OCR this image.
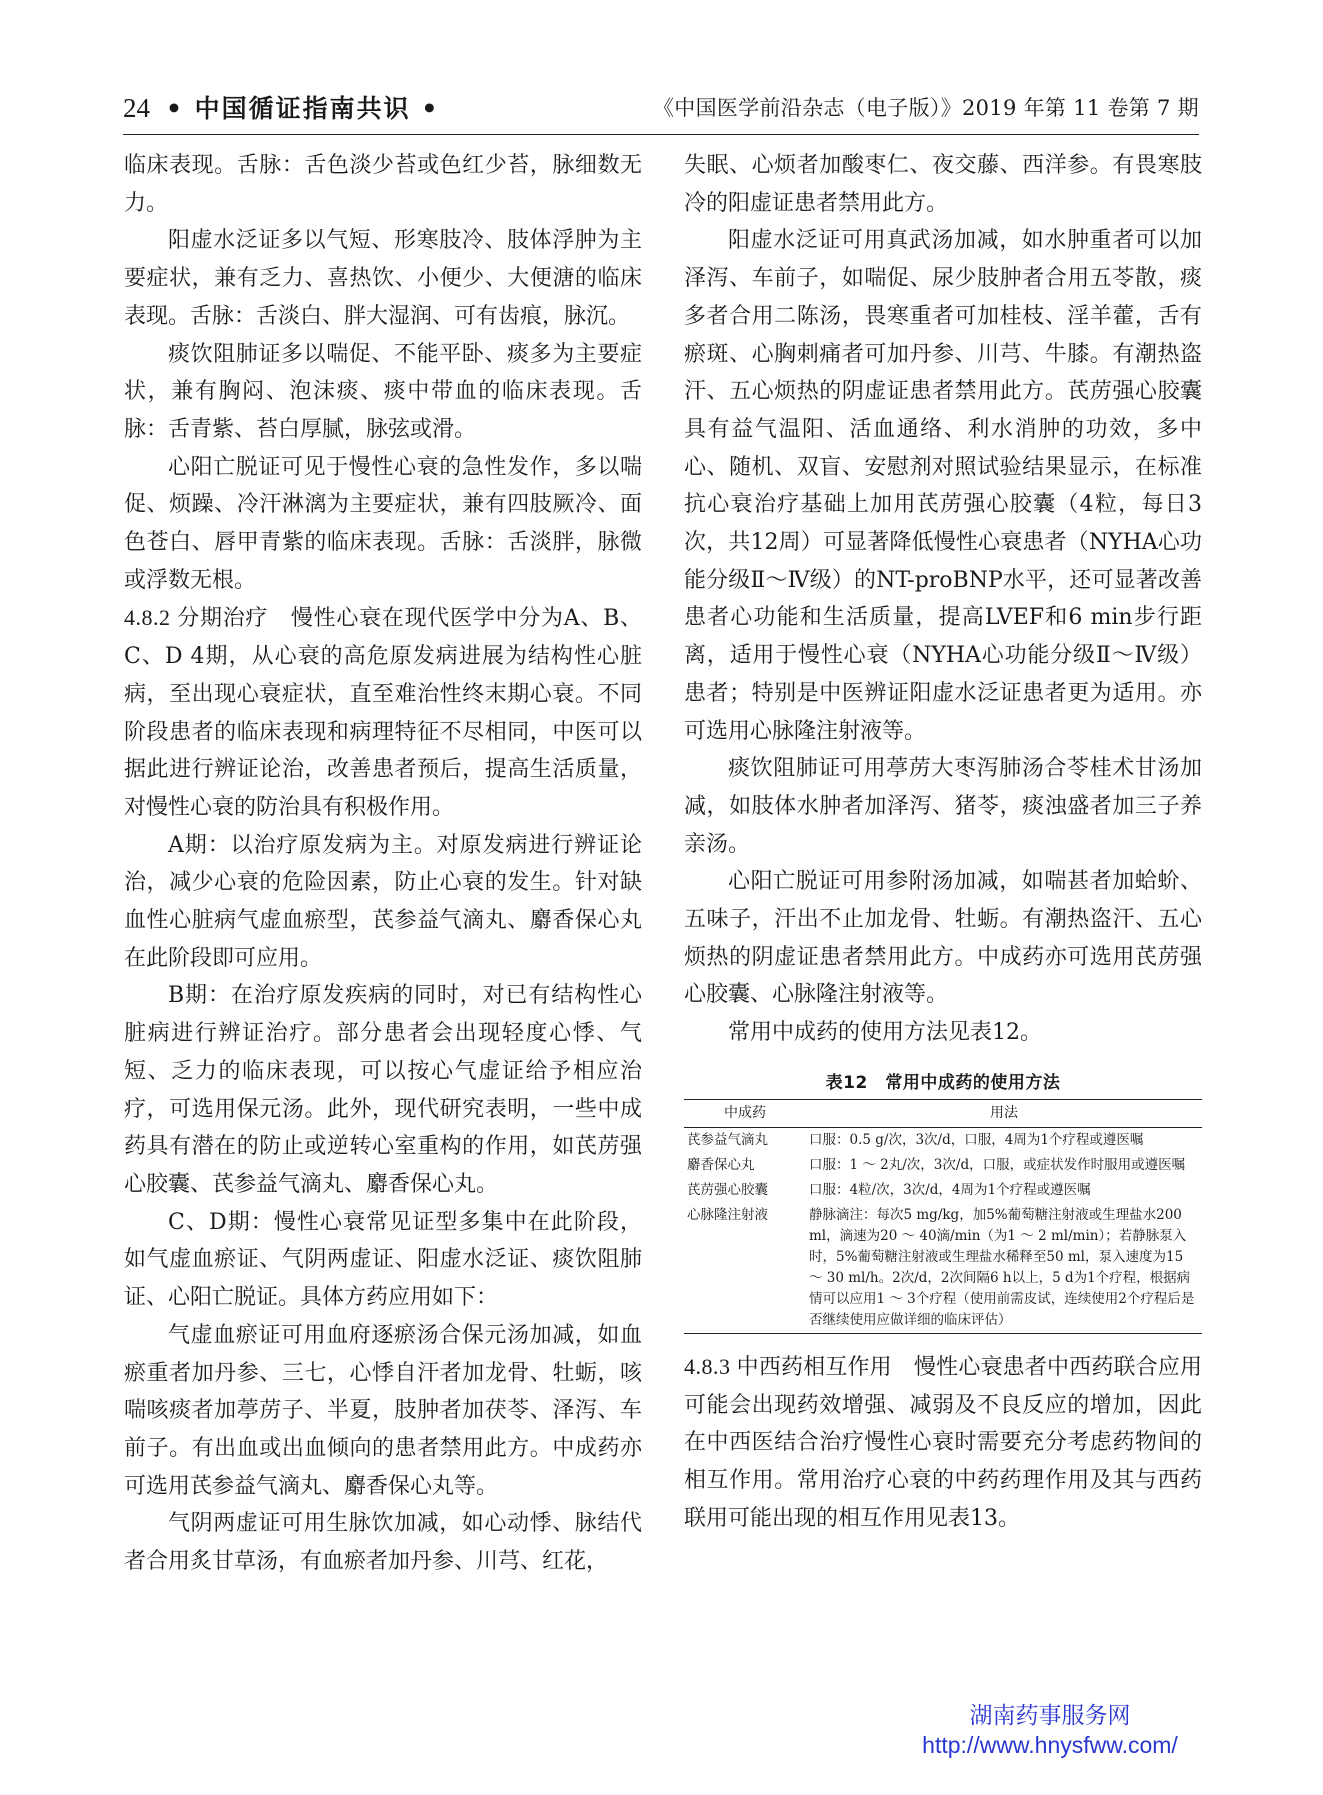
24 • 中国循证指南共识 •	《中国医学前沿杂志（电子版）》2019 年第 11 卷第 7 期

临床表现。舌脉：舌色淡少苔或色红少苔，脉细数无力。

阳虚水泛证多以气短、形寒肢冷、肢体浮肿为主要症状，兼有乏力、喜热饮、小便少、大便溏的临床表现。舌脉：舌淡白、胖大湿润、可有齿痕，脉沉。

痰饮阻肺证多以喘促、不能平卧、痰多为主要症状，兼有胸闷、泡沫痰、痰中带血的临床表现。舌脉：舌青紫、苔白厚腻，脉弦或滑。

心阳亡脱证可见于慢性心衰的急性发作，多以喘促、烦躁、冷汗淋漓为主要症状，兼有四肢厥冷、面色苍白、唇甲青紫的临床表现。舌脉：舌淡胖，脉微或浮数无根。

4.8.2 分期治疗　 慢性心衰在现代医学中分为A、B、C、D 4期，从心衰的高危原发病进展为结构性心脏病，至出现心衰症状，直至难治性终末期心衰。不同阶段患者的临床表现和病理特征不尽相同，中医可以据此进行辨证论治，改善患者预后，提高生活质量，对慢性心衰的防治具有积极作用。

A期：以治疗原发病为主。对原发病进行辨证论治，减少心衰的危险因素，防止心衰的发生。针对缺血性心脏病气虚血瘀型，芪参益气滴丸、麝香保心丸在此阶段即可应用。

B期：在治疗原发疾病的同时，对已有结构性心脏病进行辨证治疗。部分患者会出现轻度心悸、气短、乏力的临床表现，可以按心气虚证给予相应治疗，可选用保元汤。此外，现代研究表明，一些中成药具有潜在的防止或逆转心室重构的作用，如芪苈强心胶囊、芪参益气滴丸、麝香保心丸。

C、D期：慢性心衰常见证型多集中在此阶段，如气虚血瘀证、气阴两虚证、阳虚水泛证、痰饮阻肺证、心阳亡脱证。具体方药应用如下：

气虚血瘀证可用血府逐瘀汤合保元汤加减，如血瘀重者加丹参、三七，心悸自汗者加龙骨、牡蛎，咳喘咳痰者加葶苈子、半夏，肢肿者加茯苓、泽泻、车前子。有出血或出血倾向的患者禁用此方。中成药亦可选用芪参益气滴丸、麝香保心丸等。

气阴两虚证可用生脉饮加减，如心动悸、脉结代者合用炙甘草汤，有血瘀者加丹参、川芎、红花，

失眠、心烦者加酸枣仁、夜交藤、西洋参。有畏寒肢冷的阳虚证患者禁用此方。

阳虚水泛证可用真武汤加减，如水肿重者可以加泽泻、车前子，如喘促、尿少肢肿者合用五苓散，痰多者合用二陈汤，畏寒重者可加桂枝、淫羊藿，舌有瘀斑、心胸刺痛者可加丹参、川芎、牛膝。有潮热盗汗、五心烦热的阴虚证患者禁用此方。芪苈强心胶囊具有益气温阳、活血通络、利水消肿的功效，多中心、随机、双盲、安慰剂对照试验结果显示，在标准抗心衰治疗基础上加用芪苈强心胶囊（4粒，每日3次，共12周）可显著降低慢性心衰患者（NYHA心功能分级Ⅱ～Ⅳ级）的NT-proBNP水平，还可显著改善患者心功能和生活质量，提高LVEF和6 min步行距离，适用于慢性心衰（NYHA心功能分级Ⅱ～Ⅳ级）患者；特别是中医辨证阳虚水泛证患者更为适用。亦可选用心脉隆注射液等。

痰饮阻肺证可用葶苈大枣泻肺汤合苓桂术甘汤加减，如肢体水肿者加泽泻、猪苓，痰浊盛者加三子养亲汤。

心阳亡脱证可用参附汤加减，如喘甚者加蛤蚧、五味子，汗出不止加龙骨、牡蛎。有潮热盗汗、五心烦热的阴虚证患者禁用此方。中成药亦可选用芪苈强心胶囊、心脉隆注射液等。

常用中成药的使用方法见表12。

表12　常用中成药的使用方法
中成药	用法
芪参益气滴丸	口服：0.5 g/次，3次/d，口服，4周为1个疗程或遵医嘱
麝香保心丸	口服：1 ～ 2丸/次，3次/d，口服，或症状发作时服用或遵医嘱
芪苈强心胶囊	口服：4粒/次，3次/d，4周为1个疗程或遵医嘱
心脉隆注射液	静脉滴注：每次5 mg/kg，加5%葡萄糖注射液或生理盐水200 ml，滴速为20 ～ 40滴/min（为1 ～ 2 ml/min）；若静脉泵入时，5%葡萄糖注射液或生理盐水稀释至50 ml，泵入速度为15 ～ 30 ml/h。2次/d，2次间隔6 h以上，5 d为1个疗程，根据病情可以应用1 ～ 3个疗程（使用前需皮试，连续使用2个疗程后是否继续使用应做详细的临床评估）

4.8.3 中西药相互作用　 慢性心衰患者中西药联合应用可能会出现药效增强、减弱及不良反应的增加，因此在中西医结合治疗慢性心衰时需要充分考虑药物间的相互作用。常用治疗心衰的中药药理作用及其与西药联用可能出现的相互作用见表13。

湖南药事服务网
http://www.hnysfww.com/
